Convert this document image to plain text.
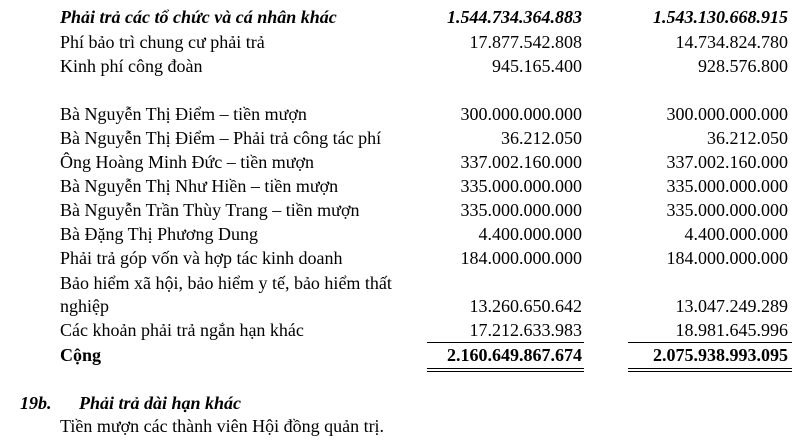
Phải trả các tổ chức và cá nhân khác	1.544.734.364.883	1.543.130.668.915
Phí bảo trì chung cư phải trả	17.877.542.808	14.734.824.780
Kinh phí công đoàn	945.165.400	928.576.800
Bà Nguyễn Thị Điểm – tiền mượn	300.000.000.000	300.000.000.000
Bà Nguyễn Thị Điểm – Phải trả công tác phí	36.212.050	36.212.050
Ông Hoàng Minh Đức – tiền mượn	337.002.160.000	337.002.160.000
Bà Nguyễn Thị Như Hiền – tiền mượn	335.000.000.000	335.000.000.000
Bà Nguyễn Trần Thùy Trang – tiền mượn	335.000.000.000	335.000.000.000
Bà Đặng Thị Phương Dung	4.400.000.000	4.400.000.000
Phải trả góp vốn và hợp tác kinh doanh	184.000.000.000	184.000.000.000
Bảo hiểm xã hội, bảo hiểm y tế, bảo hiểm thất
nghiệp	13.260.650.642	13.047.249.289
Các khoản phải trả ngắn hạn khác	17.212.633.983	18.981.645.996
Cộng	2.160.649.867.674	2.075.938.993.095
19b. Phải trả dài hạn khác
Tiền mượn các thành viên Hội đồng quản trị.
